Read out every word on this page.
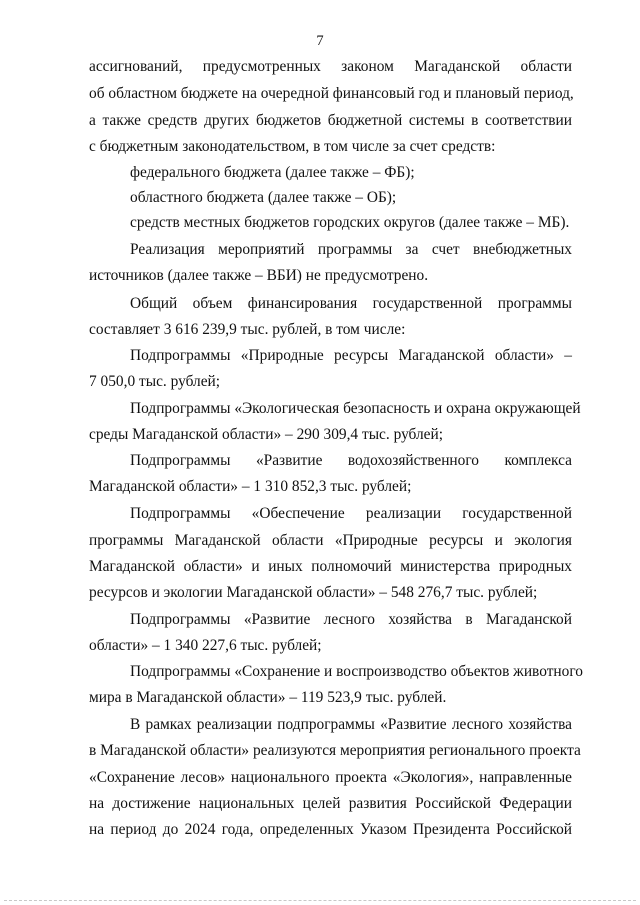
7
ассигнований, предусмотренных законом Магаданской области
об областном бюджете на очередной финансовый год и плановый период,
а также средств других бюджетов бюджетной системы в соответствии
с бюджетным законодательством, в том числе за счет средств:
федерального бюджета (далее также – ФБ);
областного бюджета (далее также – ОБ);
средств местных бюджетов городских округов (далее также – МБ).
Реализация мероприятий программы за счет внебюджетных
источников (далее также – ВБИ) не предусмотрено.
Общий объем финансирования государственной программы
составляет 3 616 239,9 тыс. рублей, в том числе:
Подпрограммы «Природные ресурсы Магаданской области» –
7 050,0 тыс. рублей;
Подпрограммы «Экологическая безопасность и охрана окружающей
среды Магаданской области» – 290 309,4 тыс. рублей;
Подпрограммы «Развитие водохозяйственного комплекса
Магаданской области» – 1 310 852,3 тыс. рублей;
Подпрограммы «Обеспечение реализации государственной
программы Магаданской области «Природные ресурсы и экология
Магаданской области» и иных полномочий министерства природных
ресурсов и экологии Магаданской области» – 548 276,7 тыс. рублей;
Подпрограммы «Развитие лесного хозяйства в Магаданской
области» – 1 340 227,6 тыс. рублей;
Подпрограммы «Сохранение и воспроизводство объектов животного
мира в Магаданской области» – 119 523,9 тыс. рублей.
В рамках реализации подпрограммы «Развитие лесного хозяйства
в Магаданской области» реализуются мероприятия регионального проекта
«Сохранение лесов» национального проекта «Экология», направленные
на достижение национальных целей развития Российской Федерации
на период до 2024 года, определенных Указом Президента Российской
